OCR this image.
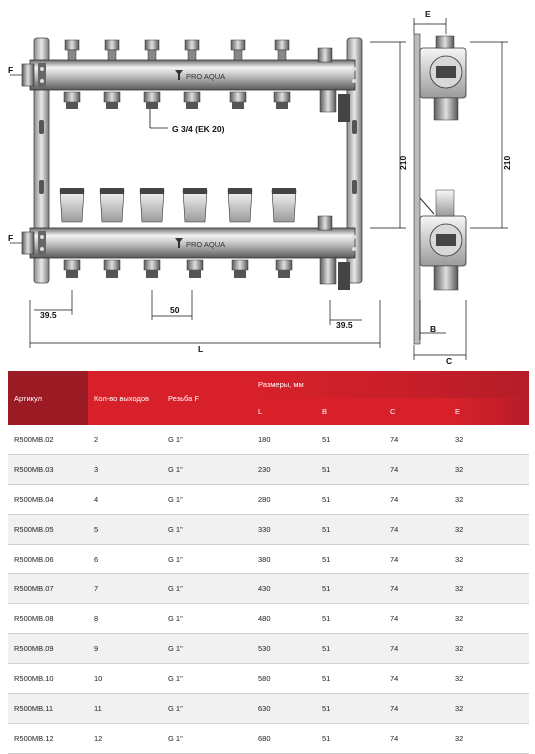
PRO AQUA
PRO AQUA
G 3/4 (EK 20)
F
F
39.5	50
39.5
L
210
E
210
B
C
Артикул	Кол-во выходов	Резьба F	Размеры, мм			
			L	B	C	E
R500MB.02	2	G 1"	180	51	74	32
R500MB.03	3	G 1"	230	51	74	32
R500MB.04	4	G 1"	280	51	74	32
R500MB.05	5	G 1"	330	51	74	32
R500MB.06	6	G 1"	380	51	74	32
R500MB.07	7	G 1"	430	51	74	32
R500MB.08	8	G 1"	480	51	74	32
R500MB.09	9	G 1"	530	51	74	32
R500MB.10	10	G 1"	580	51	74	32
R500MB.11	11	G 1"	630	51	74	32
R500MB.12	12	G 1"	680	51	74	32
